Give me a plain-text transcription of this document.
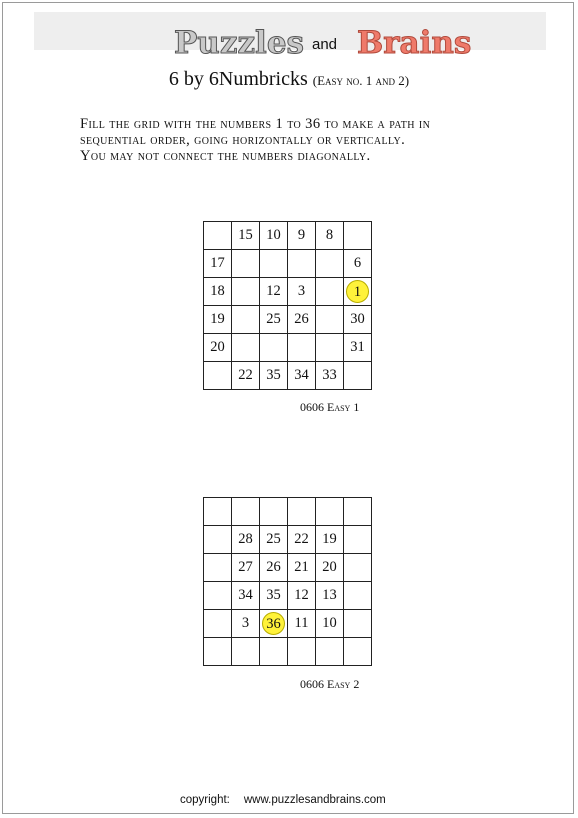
Puzzles and Brains
6 by 6Numbricks (Easy no. 1 and 2)
Fill the grid with the numbers 1 to 36 to make a path in
sequential order, going horizontally or vertically.
You may not connect the numbers diagonally.
	15	10	9	8	
17					6
18		12	3		1
19		25	26		30
20					31
	22	35	34	33	
0606 Easy 1

	28	25	22	19	
	27	26	21	20	
	34	35	12	13	
	3	36	11	10	

0606 Easy 2
copyright: www.puzzlesandbrains.com
